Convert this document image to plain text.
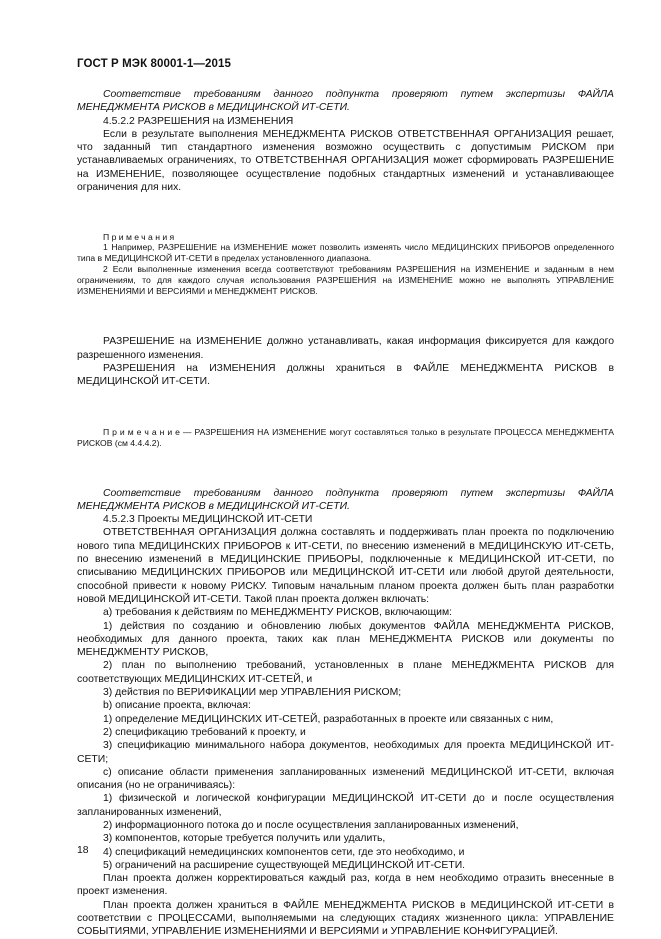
ГОСТ Р МЭК 80001-1—2015

Соответствие требованиям данного подпункта проверяют путем экспертизы ФАЙЛА МЕНЕДЖМЕНТА РИСКОВ в МЕДИЦИНСКОЙ ИТ-СЕТИ.

4.5.2.2 РАЗРЕШЕНИЯ на ИЗМЕНЕНИЯ

Если в результате выполнения МЕНЕДЖМЕНТА РИСКОВ ОТВЕТСТВЕННАЯ ОРГАНИЗАЦИЯ решает, что заданный тип стандартного изменения возможно осуществить с допустимым РИСКОМ при устанавливаемых ограничениях, то ОТВЕТСТВЕННАЯ ОРГАНИЗАЦИЯ может сформировать РАЗРЕШЕНИЕ на ИЗМЕНЕНИЕ, позволяющее осуществление подобных стандартных изменений и устанавливающее ограничения для них.

Примечания

1 Например, РАЗРЕШЕНИЕ на ИЗМЕНЕНИЕ может позволить изменять число МЕДИЦИНСКИХ ПРИБОРОВ определенного типа в МЕДИЦИНСКОЙ ИТ-СЕТИ в пределах установленного диапазона.

2 Если выполненные изменения всегда соответствуют требованиям РАЗРЕШЕНИЯ на ИЗМЕНЕНИЕ и заданным в нем ограничениям, то для каждого случая использования РАЗРЕШЕНИЯ на ИЗМЕНЕНИЕ можно не выполнять УПРАВЛЕНИЕ ИЗМЕНЕНИЯМИ И ВЕРСИЯМИ и МЕНЕДЖМЕНТ РИСКОВ.

РАЗРЕШЕНИЕ на ИЗМЕНЕНИЕ должно устанавливать, какая информация фиксируется для каждого разрешенного изменения.

РАЗРЕШЕНИЯ на ИЗМЕНЕНИЯ должны храниться в ФАЙЛЕ МЕНЕДЖМЕНТА РИСКОВ в МЕДИЦИНСКОЙ ИТ-СЕТИ.

П р и м е ч а н и е — РАЗРЕШЕНИЯ НА ИЗМЕНЕНИЕ могут составляться только в результате ПРОЦЕССА МЕНЕДЖМЕНТА РИСКОВ (см 4.4.4.2).

Соответствие требованиям данного подпункта проверяют путем экспертизы ФАЙЛА МЕНЕДЖМЕНТА РИСКОВ в МЕДИЦИНСКОЙ ИТ-СЕТИ.

4.5.2.3 Проекты МЕДИЦИНСКОЙ ИТ-СЕТИ

ОТВЕТСТВЕННАЯ ОРГАНИЗАЦИЯ должна составлять и поддерживать план проекта по подключению нового типа МЕДИЦИНСКИХ ПРИБОРОВ к ИТ-СЕТИ, по внесению изменений в МЕДИЦИНСКУЮ ИТ-СЕТЬ, по внесению изменений в МЕДИЦИНСКИЕ ПРИБОРЫ, подключенные к МЕДИЦИНСКОЙ ИТ-СЕТИ, по списыванию МЕДИЦИНСКИХ ПРИБОРОВ или МЕДИЦИНСКОЙ ИТ-СЕТИ или любой другой деятельности, способной привести к новому РИСКУ. Типовым начальным планом проекта должен быть план разработки новой МЕДИЦИНСКОЙ ИТ-СЕТИ. Такой план проекта должен включать:

a) требования к действиям по МЕНЕДЖМЕНТУ РИСКОВ, включающим:

1) действия по созданию и обновлению любых документов ФАЙЛА МЕНЕДЖМЕНТА РИСКОВ, необходимых для данного проекта, таких как план МЕНЕДЖМЕНТА РИСКОВ или документы по МЕНЕДЖМЕНТУ РИСКОВ,

2) план по выполнению требований, установленных в плане МЕНЕДЖМЕНТА РИСКОВ для соответствующих МЕДИЦИНСКИХ ИТ-СЕТЕЙ, и

3) действия по ВЕРИФИКАЦИИ мер УПРАВЛЕНИЯ РИСКОМ;

b) описание проекта, включая:

1) определение МЕДИЦИНСКИХ ИТ-СЕТЕЙ, разработанных в проекте или связанных с ним,

2) спецификацию требований к проекту, и

3) спецификацию минимального набора документов, необходимых для проекта МЕДИЦИНСКОЙ ИТ-СЕТИ;

c) описание области применения запланированных изменений МЕДИЦИНСКОЙ ИТ-СЕТИ, включая описания (но не ограничиваясь):

1) физической и логической конфигурации МЕДИЦИНСКОЙ ИТ-СЕТИ до и после осуществления запланированных изменений,

2) информационного потока до и после осуществления запланированных изменений,

3) компонентов, которые требуется получить или удалить,

4) спецификаций немедицинских компонентов сети, где это необходимо, и

5) ограничений на расширение существующей МЕДИЦИНСКОЙ ИТ-СЕТИ.

План проекта должен корректироваться каждый раз, когда в нем необходимо отразить внесенные в проект изменения.

План проекта должен храниться в ФАЙЛЕ МЕНЕДЖМЕНТА РИСКОВ в МЕДИЦИНСКОЙ ИТ-СЕТИ в соответствии с ПРОЦЕССАМИ, выполняемыми на следующих стадиях жизненного цикла: УПРАВЛЕНИЕ СОБЫТИЯМИ, УПРАВЛЕНИЕ ИЗМЕНЕНИЯМИ И ВЕРСИЯМИ и УПРАВЛЕНИЕ КОНФИГУРАЦИЕЙ.

18
